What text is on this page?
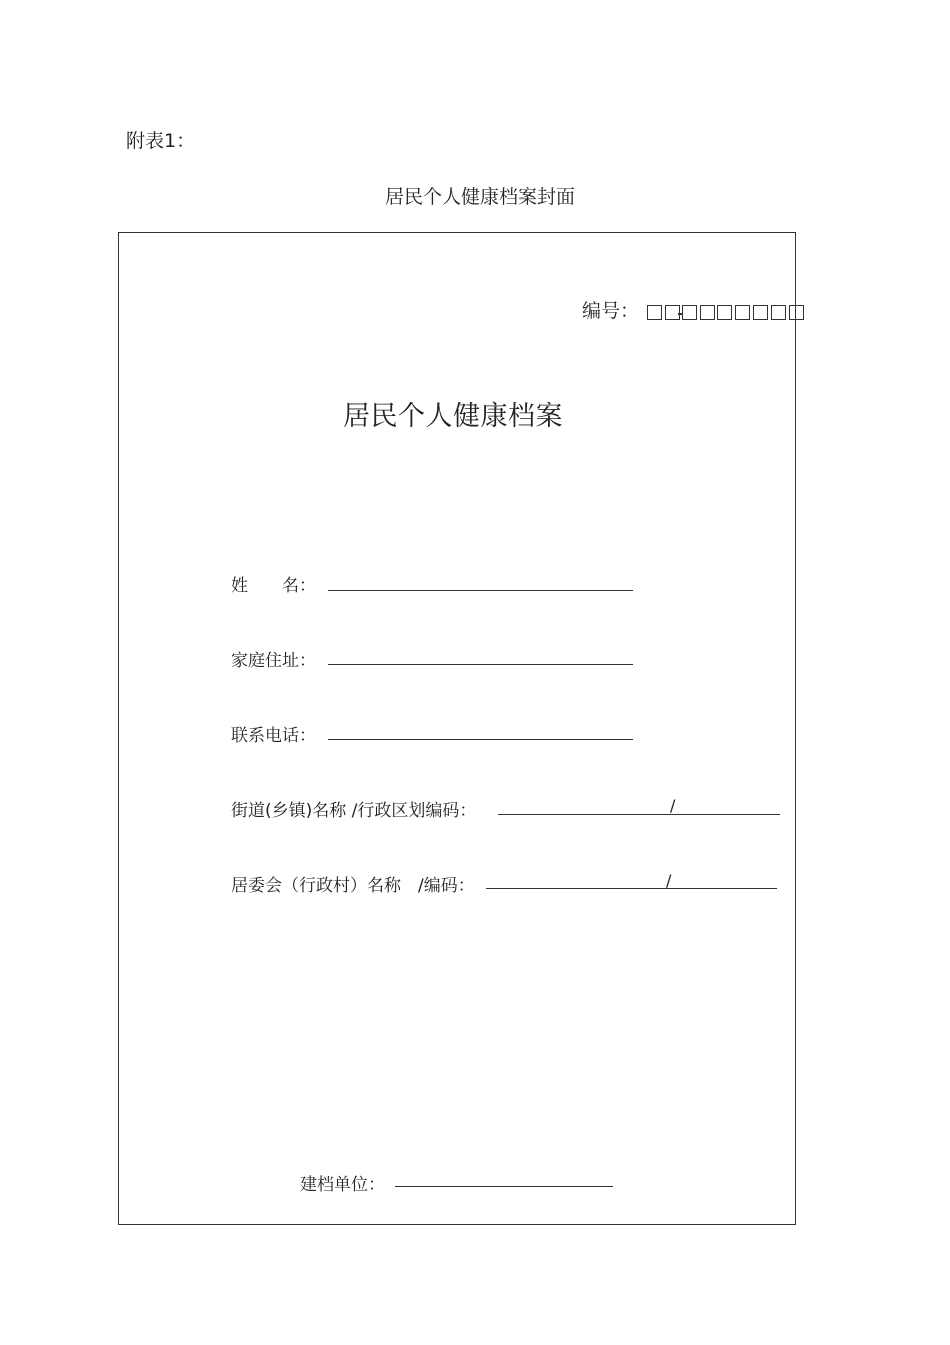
附表1：
居民个人健康档案封面
编号：
居民个人健康档案
姓　　名：
家庭住址：
联系电话：
街道(乡镇)名称 /行政区划编码：	/
居委会（行政村）名称　/编码：	/
建档单位：
